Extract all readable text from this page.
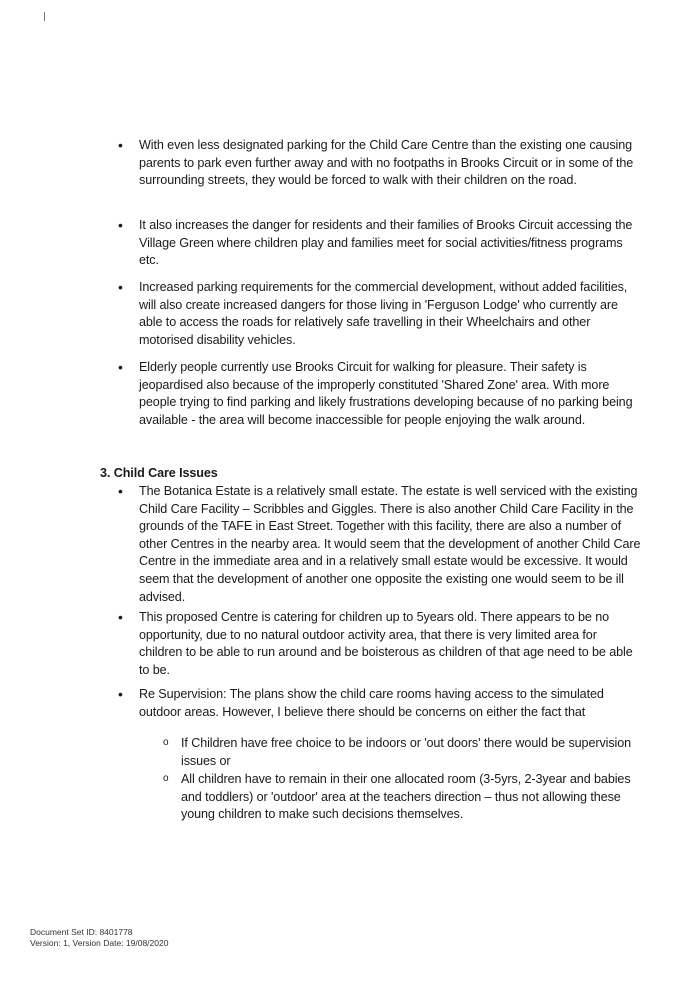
• With even less designated parking for the Child Care Centre than the existing one causing parents to park even further away and with no footpaths in Brooks Circuit or in some of the surrounding streets, they would be forced to walk with their children on the road.
• It also increases the danger for residents and their families of Brooks Circuit accessing the Village Green where children play and families meet for social activities/fitness programs etc.
• Increased parking requirements for the commercial development, without added facilities, will also create increased dangers for those living in 'Ferguson Lodge' who currently are able to access the roads for relatively safe travelling in their Wheelchairs and other motorised disability vehicles.
• Elderly people currently use Brooks Circuit for walking for pleasure. Their safety is jeopardised also because of the improperly constituted 'Shared Zone' area. With more people trying to find parking and likely frustrations developing because of no parking being available - the area will become inaccessible for people enjoying the walk around.
3. Child Care Issues
• The Botanica Estate is a relatively small estate. The estate is well serviced with the existing Child Care Facility – Scribbles and Giggles. There is also another Child Care Facility in the grounds of the TAFE in East Street. Together with this facility, there are also a number of other Centres in the nearby area. It would seem that the development of another Child Care Centre in the immediate area and in a relatively small estate would be excessive. It would seem that the development of another one opposite the existing one would seem to be ill advised.
• This proposed Centre is catering for children up to 5years old. There appears to be no opportunity, due to no natural outdoor activity area, that there is very limited area for children to be able to run around and be boisterous as children of that age need to be able to be.
• Re Supervision: The plans show the child care rooms having access to the simulated outdoor areas. However, I believe there should be concerns on either the fact that
o If Children have free choice to be indoors or 'out doors' there would be supervision issues or
o All children have to remain in their one allocated room (3-5yrs, 2-3year and babies and toddlers) or 'outdoor' area at the teachers direction – thus not allowing these young children to make such decisions themselves.
Document Set ID: 8401778
Version: 1, Version Date: 19/08/2020
